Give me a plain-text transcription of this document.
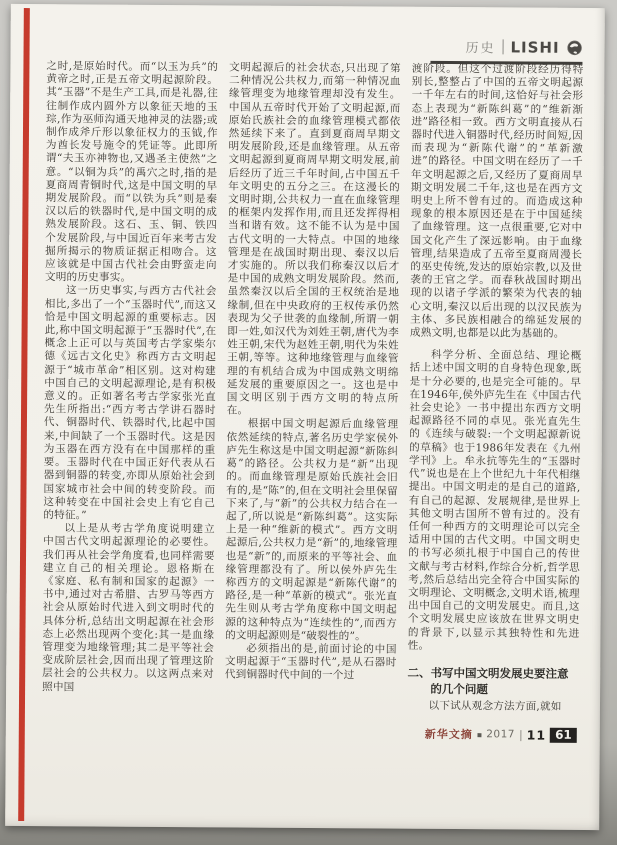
历史 LISHI

之时,是原始时代。而“以玉为兵”的黄帝之时,正是五帝文明起源阶段。其“玉器”不是生产工具,而是礼器,往往制作成内圆外方以象征天地的玉琮,作为巫师沟通天地神灵的法器;或制作成斧斤形以象征权力的玉钺,作为酋长发号施令的凭证等。此即所谓“夫玉亦神物也,又遇圣主使然”之意。“以铜为兵”的禹穴之时,指的是夏商周青铜时代,这是中国文明的早期发展阶段。而“以铁为兵”则是秦汉以后的铁器时代,是中国文明的成熟发展阶段。这石、玉、铜、铁四个发展阶段,与中国近百年来考古发掘所揭示的物质证据正相吻合。这应该就是中国古代社会由野蛮走向文明的历史事实。

这一历史事实,与西方古代社会相比,多出了一个“玉器时代”,而这又恰是中国文明起源的重要标志。因此,称中国文明起源于“玉器时代”,在概念上正可以与英国考古学家柴尔德《远古文化史》称西方古文明起源于“城市革命”相区别。这对构建中国自己的文明起源理论,是有积极意义的。正如著名考古学家张光直先生所指出:“西方考古学讲石器时代、铜器时代、铁器时代,比起中国来,中间缺了一个玉器时代。这是因为玉器在西方没有在中国那样的重要。玉器时代在中国正好代表从石器到铜器的转变,亦即从原始社会到国家城市社会中间的转变阶段。而这种转变在中国社会史上有它自己的特征。”

以上是从考古学角度说明建立中国古代文明起源理论的必要性。我们再从社会学角度看,也同样需要建立自己的相关理论。恩格斯在《家庭、私有制和国家的起源》一书中,通过对古希腊、古罗马等西方社会从原始时代进入到文明时代的具体分析,总结出文明起源在社会形态上必然出现两个变化:其一是血缘管理变为地缘管理;其二是平等社会变成阶层社会,因而出现了管理这阶层社会的公共权力。以这两点来对照中国

文明起源后的社会状态,只出现了第二种情况公共权力,而第一种情况血缘管理变为地缘管理却没有发生。中国从五帝时代开始了文明起源,而原始氏族社会的血缘管理模式都依然延续下来了。直到夏商周早期文明发展阶段,还是血缘管理。从五帝文明起源到夏商周早期文明发展,前后经历了近三千年时间,占中国五千年文明史的五分之三。在这漫长的文明时期,公共权力一直在血缘管理的框架内发挥作用,而且还发挥得相当和谐有效。这不能不认为是中国古代文明的一大特点。中国的地缘管理是在战国时期出现、秦汉以后才实施的。所以我们称秦汉以后才是中国的成熟文明发展阶段。然而,虽然秦汉以后全国的王权统治是地缘制,但在中央政府的王权传承仍然表现为父子世袭的血缘制,所谓一朝即一姓,如汉代为刘姓王朝,唐代为李姓王朝,宋代为赵姓王朝,明代为朱姓王朝,等等。这种地缘管理与血缘管理的有机结合成为中国成熟文明绵延发展的重要原因之一。这也是中国文明区别于西方文明的特点所在。

根据中国文明起源后血缘管理依然延续的特点,著名历史学家侯外庐先生称这是中国文明起源“新陈纠葛”的路径。公共权力是“新”出现的。而血缘管理是原始氏族社会旧有的,是“陈”的,但在文明社会里保留下来了,与“新”的公共权力结合在一起了,所以说是“新陈纠葛”。这实际上是一种“维新的模式”。西方文明起源后,公共权力是“新”的,地缘管理也是“新”的,而原来的平等社会、血缘管理都没有了。所以侯外庐先生称西方的文明起源是“新陈代谢”的路径,是一种“革新的模式”。张光直先生则从考古学角度称中国文明起源的这种特点为“连续性的”,而西方的文明起源则是“破裂性的”。

必须指出的是,前面讨论的中国文明起源于“玉器时代”,是从石器时代到铜器时代中间的一个过

渡阶段。但这个过渡阶段经历得特别长,整整占了中国的五帝文明起源一千年左右的时间,这恰好与社会形态上表现为“新陈纠葛”的“维新渐进”路径相一致。西方文明直接从石器时代进入铜器时代,经历时间短,因而表现为“新陈代谢”的“革新激进”的路径。中国文明在经历了一千年文明起源之后,又经历了夏商周早期文明发展二千年,这也是在西方文明史上所不曾有过的。而造成这种现象的根本原因还是在于中国延续了血缘管理。这一点很重要,它对中国文化产生了深远影响。由于血缘管理,结果造成了五帝至夏商周漫长的巫史传统,发达的原始宗教,以及世袭的王官之学。而春秋战国时期出现的以诸子学派的繁荣为代表的轴心文明,秦汉以后出现的以汉民族为主体、多民族相融合的绵延发展的成熟文明,也都是以此为基础的。

科学分析、全面总结、理论概括上述中国文明的自身特色现象,既是十分必要的,也是完全可能的。早在1946年,侯外庐先生在《中国古代社会史论》一书中提出东西方文明起源路径不同的卓见。张光直先生的《连续与破裂:一个文明起源新说的草稿》也于1986年发表在《九州学刊》上。牟永抗等先生的“玉器时代”说也是在上个世纪九十年代相继提出。中国文明走的是自己的道路,有自己的起源、发展规律,是世界上其他文明古国所不曾有过的。没有任何一种西方的文明理论可以完全适用中国的古代文明。中国文明史的书写必须扎根于中国自己的传世文献与考古材料,作综合分析,哲学思考,然后总结出完全符合中国实际的文明理论、文明概念,文明术语,梳理出中国自己的文明发展史。而且,这个文明发展史应该放在世界文明史的背景下,以显示其独特性和先进性。

二、书写中国文明发展史要注意的几个问题

以下试从观念方法方面,就如

新华文摘 ▪ 2017 | 11 61
